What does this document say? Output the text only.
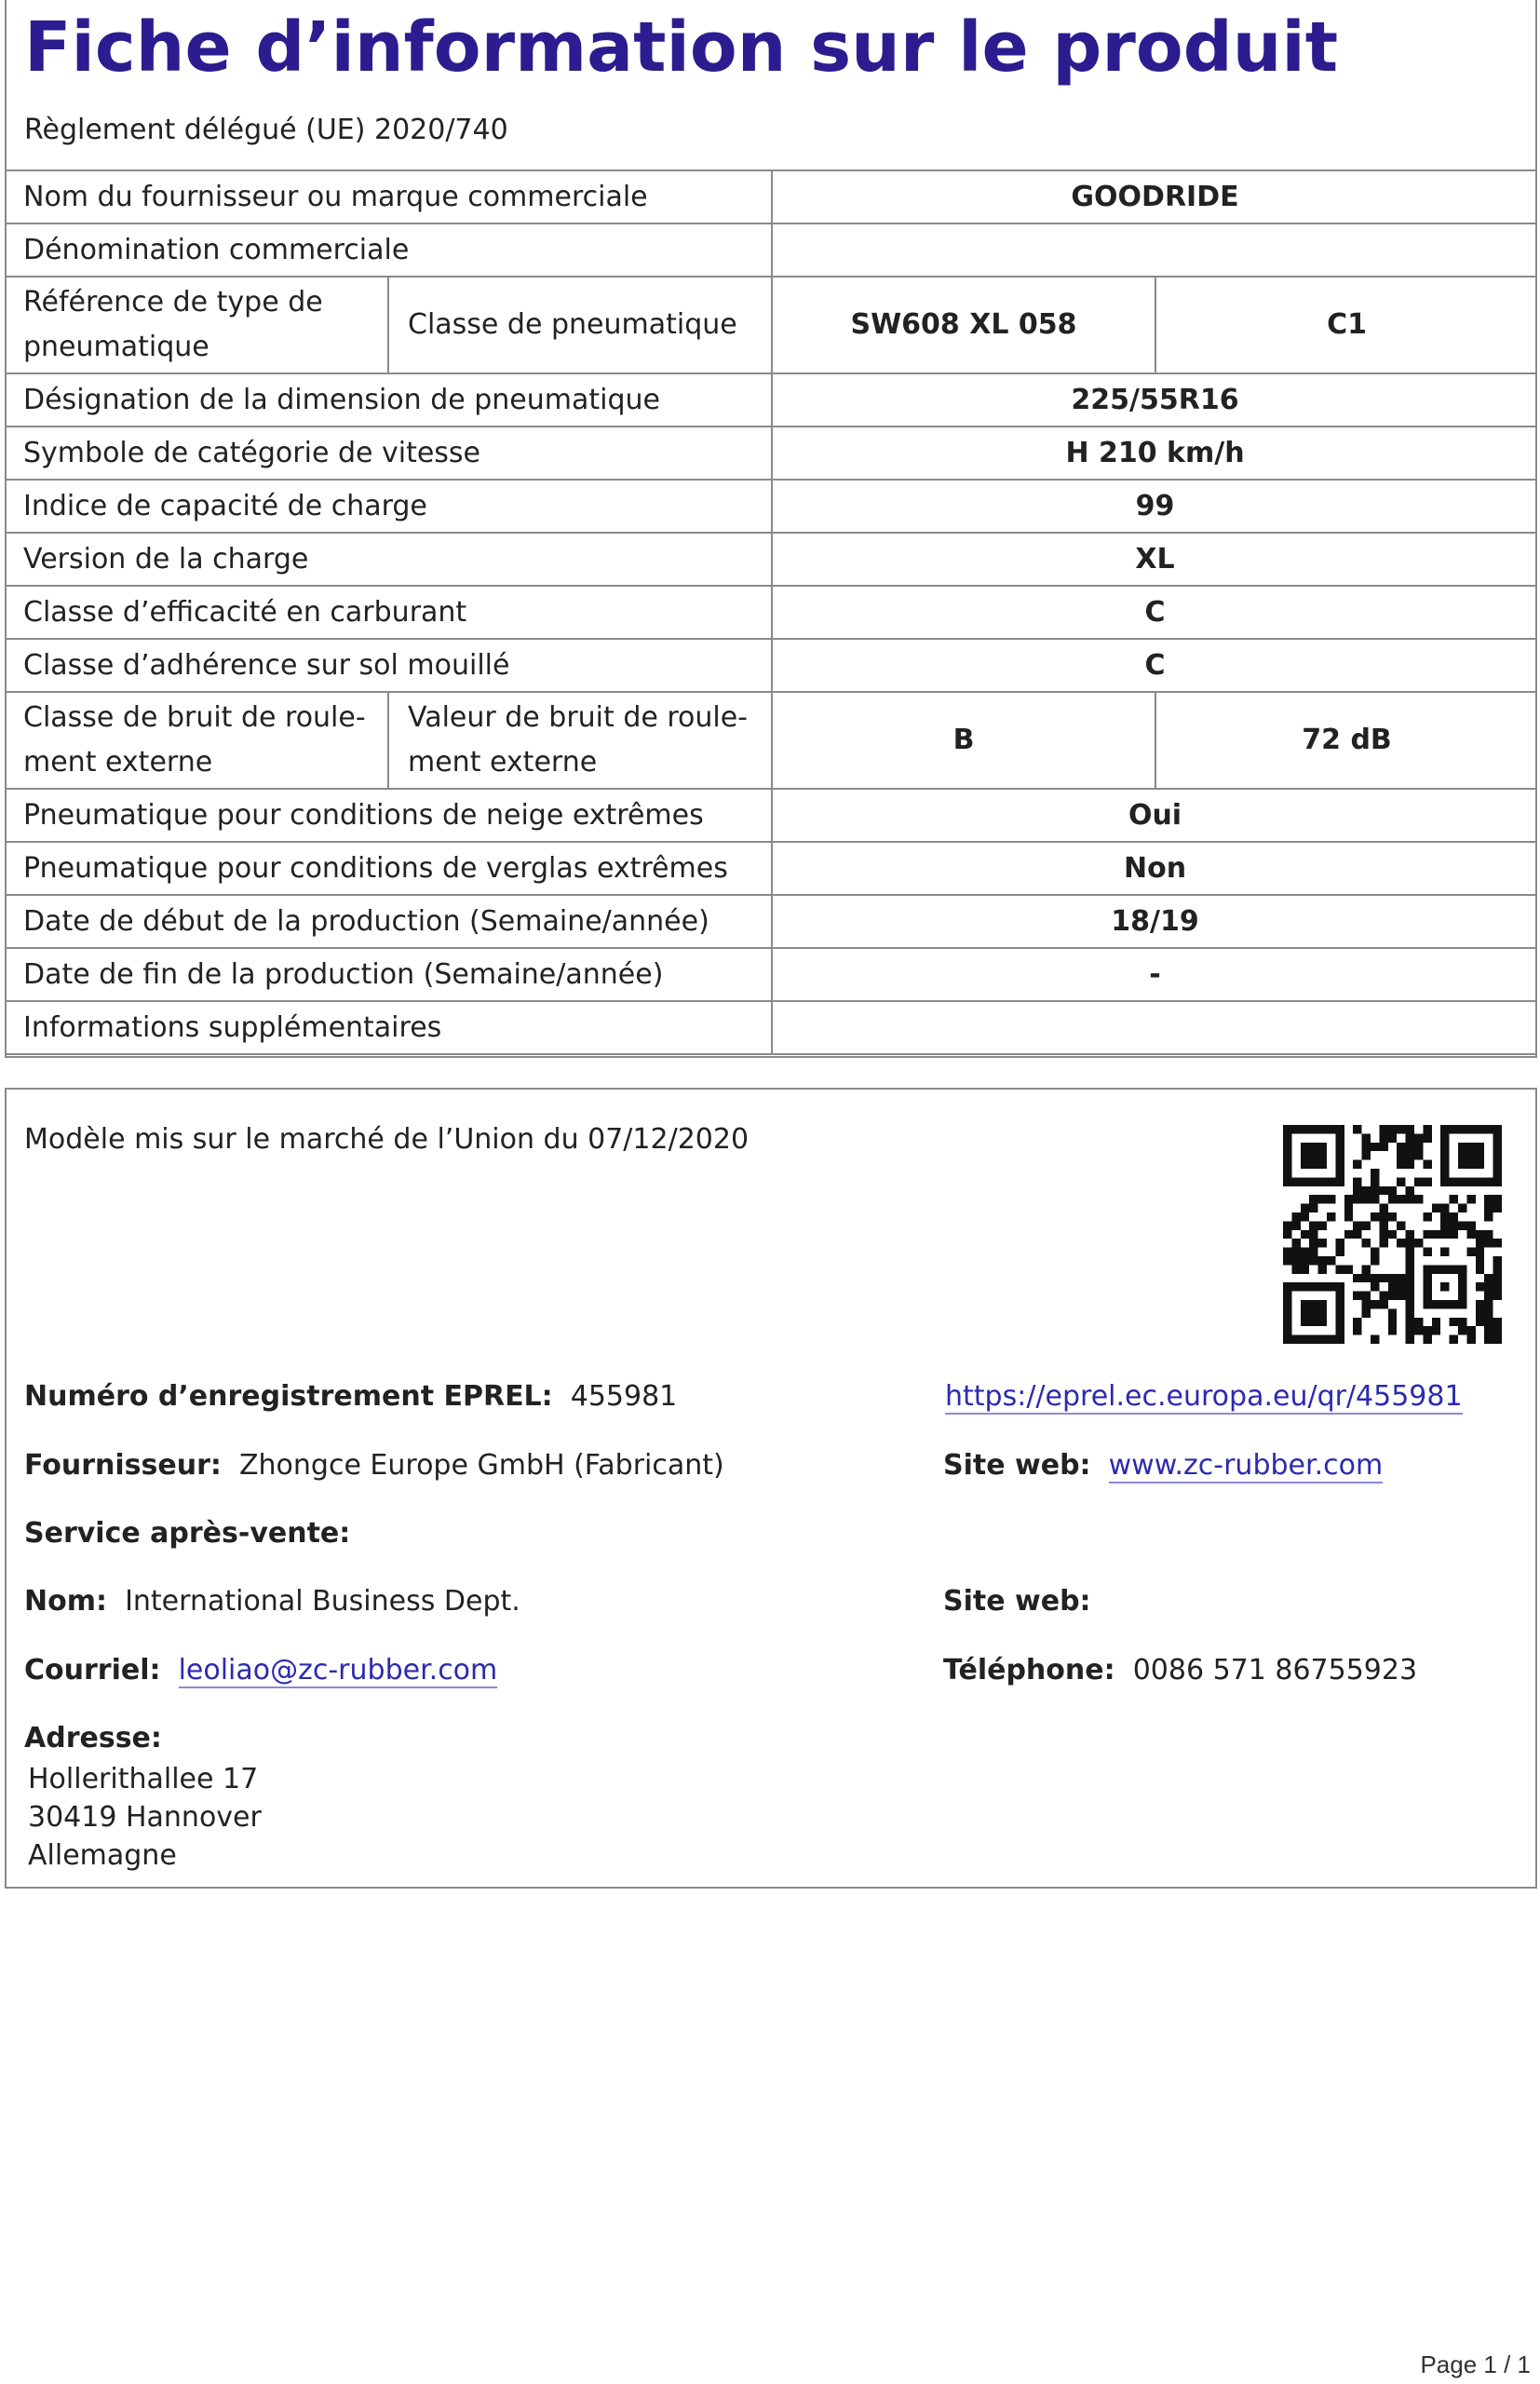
Fiche d’information sur le produit
Règlement délégué (UE) 2020/740
Nom du fournisseur ou marque commerciale		GOODRIDE	
Dénomination commerciale			
Référence de type de pneumatique	Classe de pneumatique	SW608 XL 058	C1
Désignation de la dimension de pneumatique		225/55R16	
Symbole de catégorie de vitesse		H 210 km/h	
Indice de capacité de charge		99	
Version de la charge		XL	
Classe d’efficacité en carburant		C	
Classe d’adhérence sur sol mouillé		C	
Classe de bruit de roule-ment externe	Valeur de bruit de roule-ment externe	B	72 dB
Pneumatique pour conditions de neige extrêmes		Oui	
Pneumatique pour conditions de verglas extrêmes		Non	
Date de début de la production (Semaine/année)		18/19	
Date de fin de la production (Semaine/année)		-	
Informations supplémentaires			
Modèle mis sur le marché de l’Union du 07/12/2020
Numéro d’enregistrement EPREL: 455981	https://eprel.ec.europa.eu/qr/455981
Fournisseur: Zhongce Europe GmbH (Fabricant)	Site web: www.zc-rubber.com
Service après-vente:
Nom: International Business Dept.	Site web:
Courriel: leoliao@zc-rubber.com	Téléphone: 0086 571 86755923
Adresse:
Hollerithallee 17
30419 Hannover
Allemagne
Page 1 / 1
